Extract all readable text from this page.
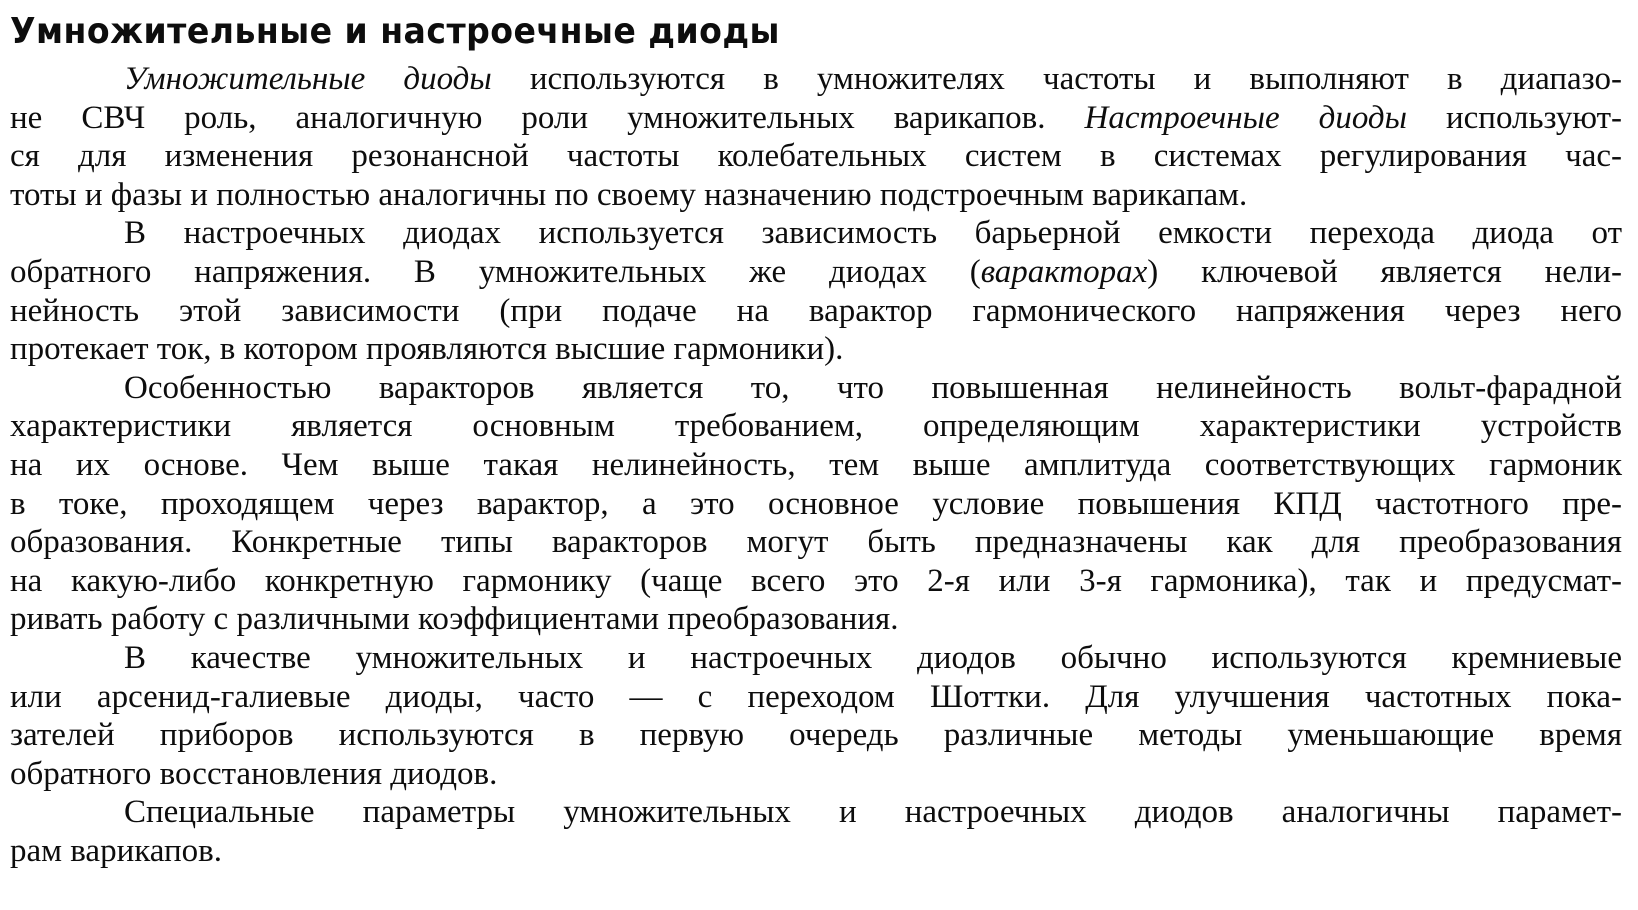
Умножительные и настроечные диоды
Умножительные диоды используются в умножителях частоты и выполняют в диапазо-
не СВЧ роль, аналогичную роли умножительных варикапов. Настроечные диоды используют-
ся для изменения резонансной частоты колебательных систем в системах регулирования час-
тоты и фазы и полностью аналогичны по своему назначению подстроечным варикапам.
В настроечных диодах используется зависимость барьерной емкости перехода диода от
обратного напряжения. В умножительных же диодах (варакторах) ключевой является нели-
нейность этой зависимости (при подаче на варактор гармонического напряжения через него
протекает ток, в котором проявляются высшие гармоники).
Особенностью варакторов является то, что повышенная нелинейность вольт-фарадной
характеристики является основным требованием, определяющим характеристики устройств
на их основе. Чем выше такая нелинейность, тем выше амплитуда соответствующих гармоник
в токе, проходящем через варактор, а это основное условие повышения КПД частотного пре-
образования. Конкретные типы варакторов могут быть предназначены как для преобразования
на какую-либо конкретную гармонику (чаще всего это 2-я или 3-я гармоника), так и предусмат-
ривать работу с различными коэффициентами преобразования.
В качестве умножительных и настроечных диодов обычно используются кремниевые
или арсенид-галиевые диоды, часто — с переходом Шоттки. Для улучшения частотных пока-
зателей приборов используются в первую очередь различные методы уменьшающие время
обратного восстановления диодов.
Специальные параметры умножительных и настроечных диодов аналогичны парамет-
рам варикапов.
